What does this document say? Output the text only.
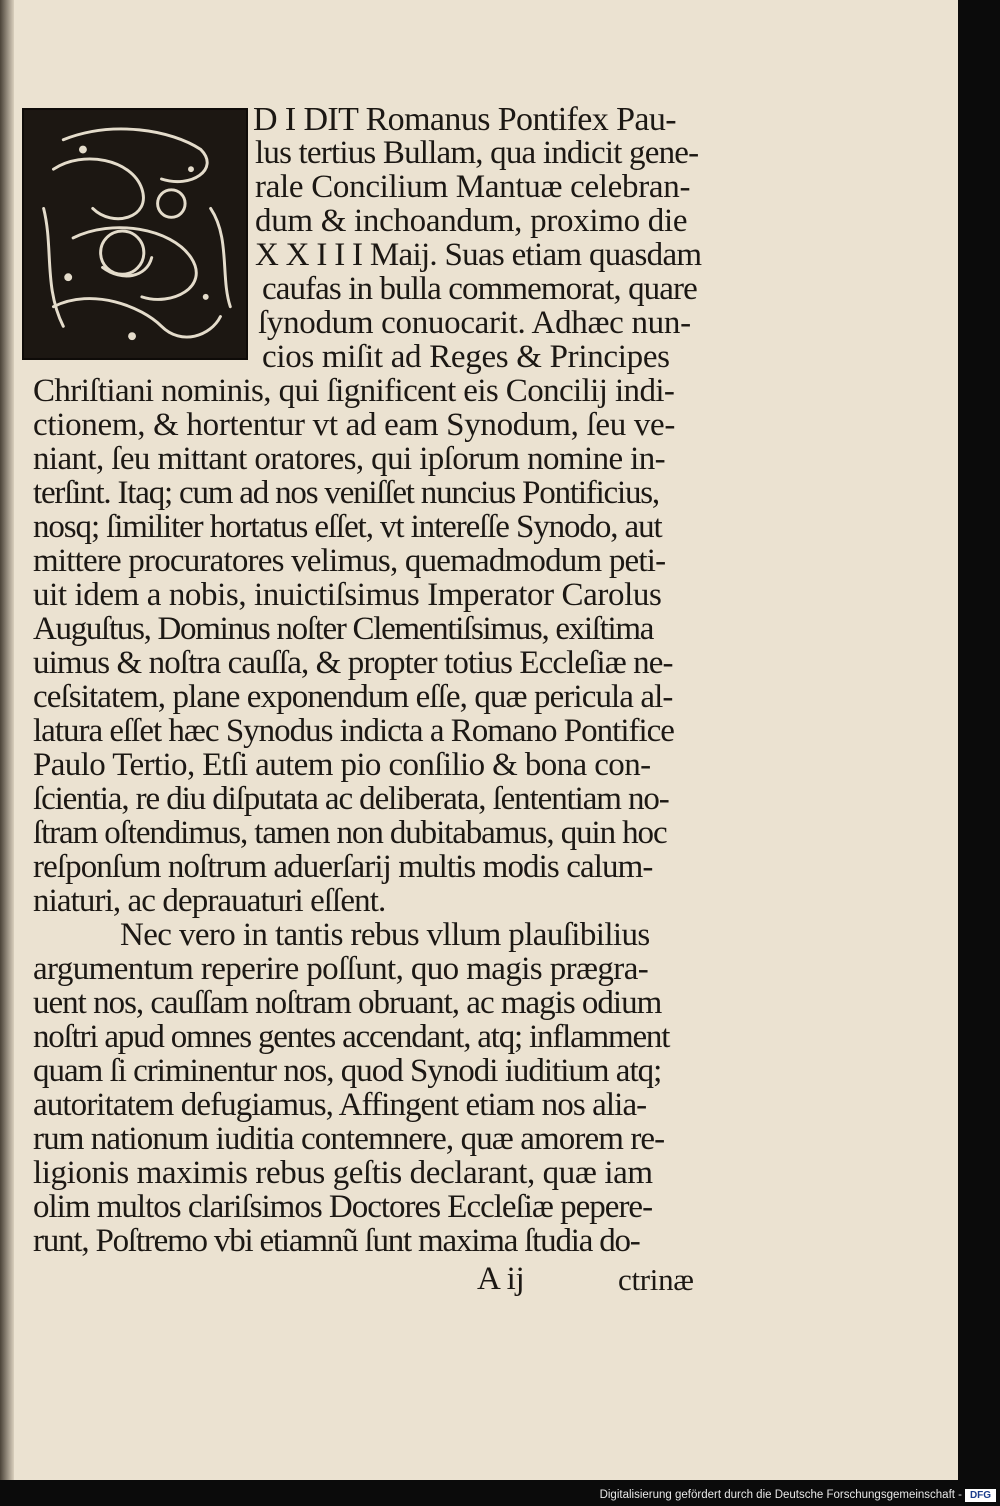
D I DIT Romanus Pontifex Pau‑
lus tertius Bullam, qua indicit gene‑
rale Concilium Mantuæ celebran‑
dum & inchoandum, proximo die
X X I I I Maij. Suas etiam quasdam
caufas in bulla commemorat, quare
ſynodum conuocarit. Adhæc nun‑
cios miſit ad Reges & Principes
Chriſtiani nominis, qui ſignificent eis Concilij indi‑
ctionem, & hortentur vt ad eam Synodum, ſeu ve‑
niant, ſeu mittant oratores, qui ipſorum nomine in‑
terſint. Itaq; cum ad nos veniſſet nuncius Pontificius,
nosq; ſimiliter hortatus eſſet, vt intereſſe Synodo, aut
mittere procuratores velimus, quemadmodum peti‑
uit idem a nobis, inuictiſsimus Imperator Carolus
Auguſtus, Dominus noſter Clementiſsimus, exiſtima
uimus & noſtra cauſſa, & propter totius Eccleſiæ ne‑
ceſsitatem, plane exponendum eſſe, quæ pericula al‑
latura eſſet hæc Synodus indicta a Romano Pontifice
Paulo Tertio, Etſi autem pio conſilio & bona con‑
ſcientia, re diu diſputata ac deliberata, ſententiam no‑
ſtram oſtendimus, tamen non dubitabamus, quin hoc
reſponſum noſtrum aduerſarij multis modis calum‑
niaturi, ac deprauaturi eſſent.
Nec vero in tantis rebus vllum plauſibilius
argumentum reperire poſſunt, quo magis prægra‑
uent nos, cauſſam noſtram obruant, ac magis odium
noſtri apud omnes gentes accendant, atq; inflamment
quam ſi criminentur nos, quod Synodi iuditium atq;
autoritatem defugiamus, Affingent etiam nos alia‑
rum nationum iuditia contemnere, quæ amorem re‑
ligionis maximis rebus geſtis declarant, quæ iam
olim multos clariſsimos Doctores Eccleſiæ pepere‑
runt, Poſtremo vbi etiamnũ ſunt maxima ſtudia do‑
A ij	ctrinæ
Digitalisierung gefördert durch die Deutsche Forschungsgemeinschaft - DFG
